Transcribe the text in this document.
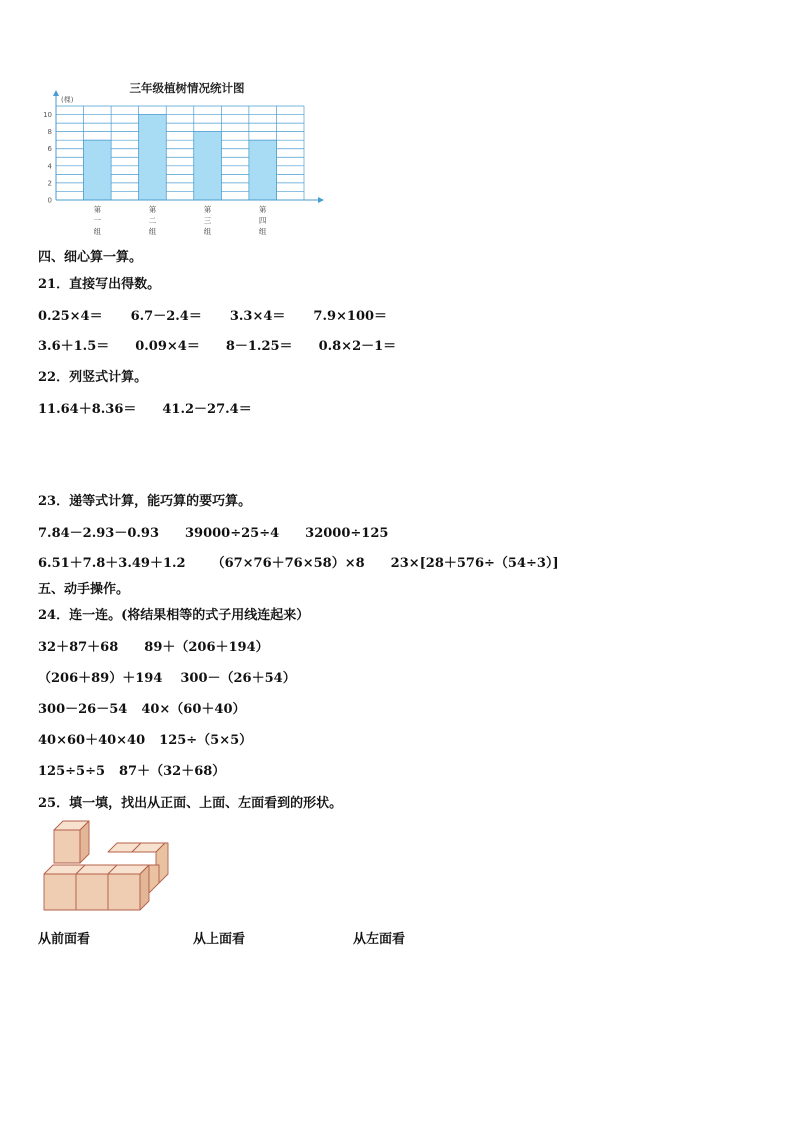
三年级植树情况统计图
(棵)
0
2
4
6
8
10
第
一
组
第
二
组
第
三
组
第
四
组
四、细心算一算。
21．直接写出得数。
0.25×4＝ 6.7－2.4＝ 3.3×4＝ 7.9×100＝
3.6＋1.5＝ 0.09×4＝ 8－1.25＝ 0.8×2－1＝
22．列竖式计算。
11.64＋8.36＝ 41.2－27.4＝
23．递等式计算，能巧算的要巧算。
7.84－2.93－0.93 39000÷25÷4 32000÷125
6.51＋7.8＋3.49＋1.2 （67×76＋76×58）×8 23×[28＋576÷（54÷3）]
五、动手操作。
24．连一连。(将结果相等的式子用线连起来）
32＋87＋68 89＋（206＋194）
（206＋89）＋194 300－（26＋54）
300－26－54 40×（60＋40）
40×60＋40×40 125÷（5×5）
125÷5÷5 87＋（32＋68）
25．填一填，找出从正面、上面、左面看到的形状。
从前面看	从上面看	从左面看
